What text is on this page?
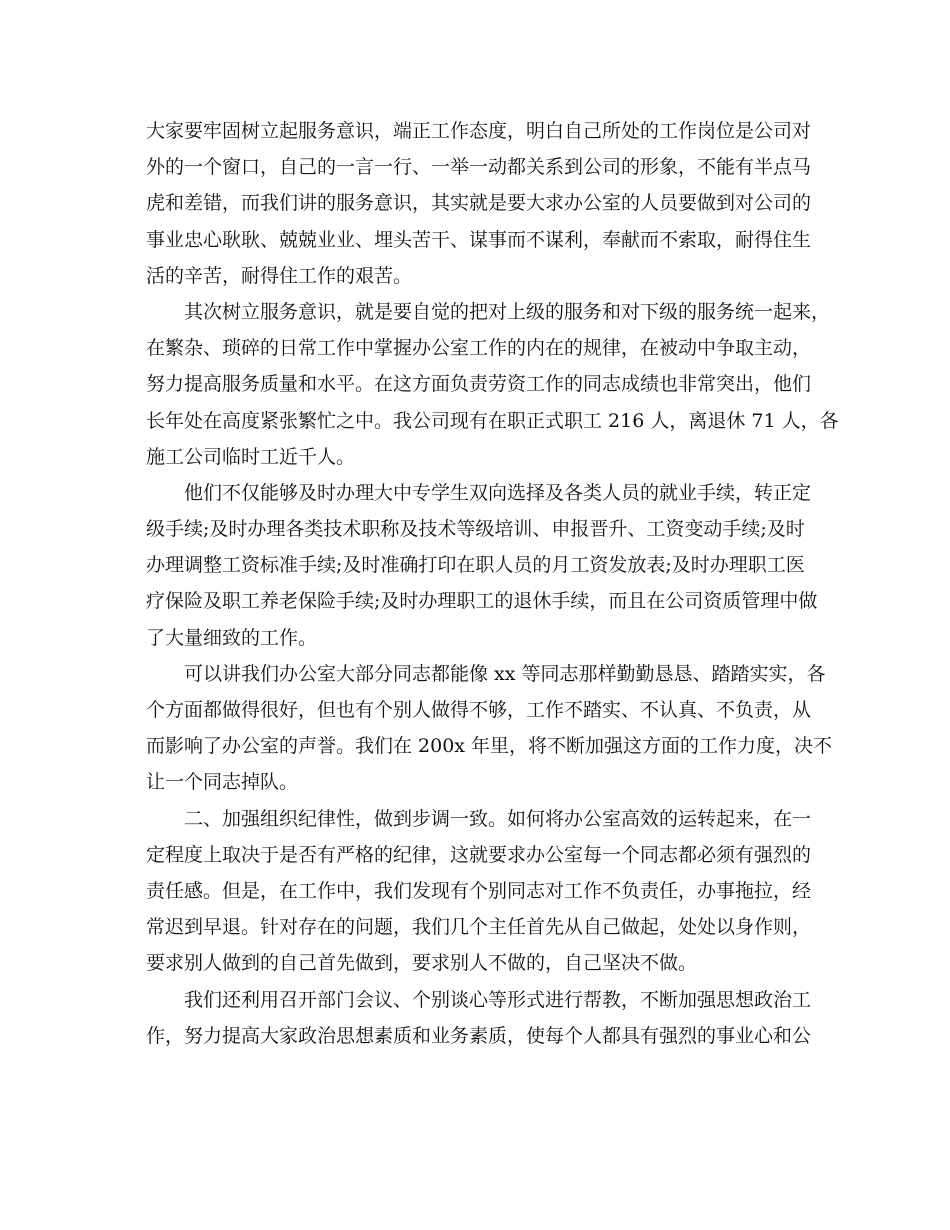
大家要牢固树立起服务意识，端正工作态度，明白自己所处的工作岗位是公司对
外的一个窗口，自己的一言一行、一举一动都关系到公司的形象，不能有半点马
虎和差错，而我们讲的服务意识，其实就是要大求办公室的人员要做到对公司的
事业忠心耿耿、兢兢业业、埋头苦干、谋事而不谋利，奉献而不索取，耐得住生
活的辛苦，耐得住工作的艰苦。
其次树立服务意识，就是要自觉的把对上级的服务和对下级的服务统一起来，
在繁杂、琐碎的日常工作中掌握办公室工作的内在的规律，在被动中争取主动，
努力提高服务质量和水平。在这方面负责劳资工作的同志成绩也非常突出，他们
长年处在高度紧张繁忙之中。我公司现有在职正式职工 216 人，离退休 71 人，各
施工公司临时工近千人。
他们不仅能够及时办理大中专学生双向选择及各类人员的就业手续，转正定
级手续;及时办理各类技术职称及技术等级培训、申报晋升、工资变动手续;及时
办理调整工资标准手续;及时准确打印在职人员的月工资发放表;及时办理职工医
疗保险及职工养老保险手续;及时办理职工的退休手续，而且在公司资质管理中做
了大量细致的工作。
可以讲我们办公室大部分同志都能像 xx 等同志那样勤勤恳恳、踏踏实实，各
个方面都做得很好，但也有个别人做得不够，工作不踏实、不认真、不负责，从
而影响了办公室的声誉。我们在 200x 年里，将不断加强这方面的工作力度，决不
让一个同志掉队。
二、加强组织纪律性，做到步调一致。如何将办公室高效的运转起来，在一
定程度上取决于是否有严格的纪律，这就要求办公室每一个同志都必须有强烈的
责任感。但是，在工作中，我们发现有个别同志对工作不负责任，办事拖拉，经
常迟到早退。针对存在的问题，我们几个主任首先从自己做起，处处以身作则，
要求别人做到的自己首先做到，要求别人不做的，自己坚决不做。
我们还利用召开部门会议、个别谈心等形式进行帮教，不断加强思想政治工
作，努力提高大家政治思想素质和业务素质，使每个人都具有强烈的事业心和公
